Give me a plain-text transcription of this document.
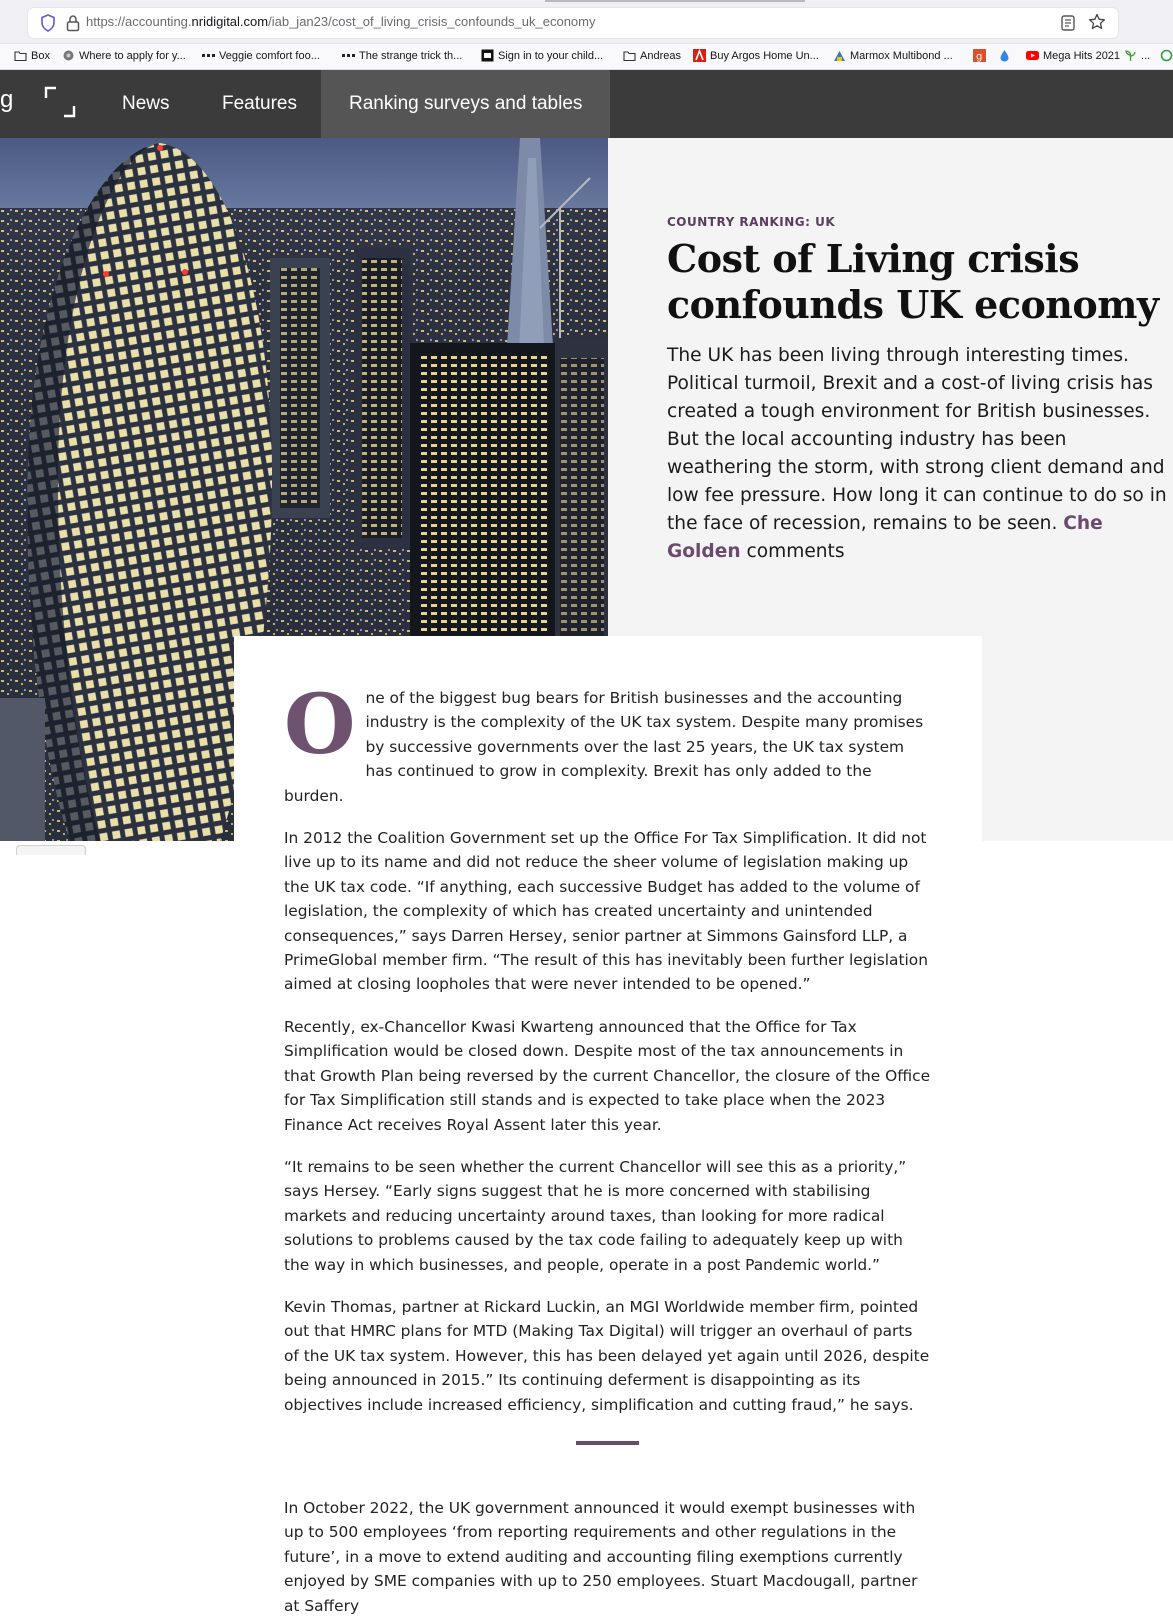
https://accounting.nridigital.com/iab_jan23/cost_of_living_crisis_confounds_uk_economy
Box	Where to apply for y...	Veggie comfort foo...	The strange trick th...	Sign in to your child...	Andreas	Buy Argos Home Un...	Marmox Multibond ... g	Mega Hits 2021 ...
g	News	Features	Ranking surveys and tables
COUNTRY RANKING: UK
Cost of Living crisis confounds UK economy

The UK has been living through interesting times. Political turmoil, Brexit and a cost-of living crisis has created a tough environment for British businesses. But the local accounting industry has been weathering the storm, with strong client demand and low fee pressure. How long it can continue to do so in the face of recession, remains to be seen. Che Golden comments

One of the biggest bug bears for British businesses and the accounting industry is the complexity of the UK tax system. Despite many promises by successive governments over the last 25 years, the UK tax system has continued to grow in complexity. Brexit has only added to the burden.

In 2012 the Coalition Government set up the Office For Tax Simplification. It did not live up to its name and did not reduce the sheer volume of legislation making up the UK tax code. “If anything, each successive Budget has added to the volume of legislation, the complexity of which has created uncertainty and unintended consequences,” says Darren Hersey, senior partner at Simmons Gainsford LLP, a PrimeGlobal member firm. “The result of this has inevitably been further legislation aimed at closing loopholes that were never intended to be opened.”

Recently, ex-Chancellor Kwasi Kwarteng announced that the Office for Tax Simplification would be closed down. Despite most of the tax announcements in that Growth Plan being reversed by the current Chancellor, the closure of the Office for Tax Simplification still stands and is expected to take place when the 2023 Finance Act receives Royal Assent later this year.

“It remains to be seen whether the current Chancellor will see this as a priority,” says Hersey. “Early signs suggest that he is more concerned with stabilising markets and reducing uncertainty around taxes, than looking for more radical solutions to problems caused by the tax code failing to adequately keep up with the way in which businesses, and people, operate in a post Pandemic world.”

Kevin Thomas, partner at Rickard Luckin, an MGI Worldwide member firm, pointed out that HMRC plans for MTD (Making Tax Digital) will trigger an overhaul of parts of the UK tax system. However, this has been delayed yet again until 2026, despite being announced in 2015.” Its continuing deferment is disappointing as its objectives include increased efficiency, simplification and cutting fraud,” he says.

In October 2022, the UK government announced it would exempt businesses with up to 500 employees ‘from reporting requirements and other regulations in the future’, in a move to extend auditing and accounting filing exemptions currently enjoyed by SME companies with up to 250 employees. Stuart Macdougall, partner at Saffery
